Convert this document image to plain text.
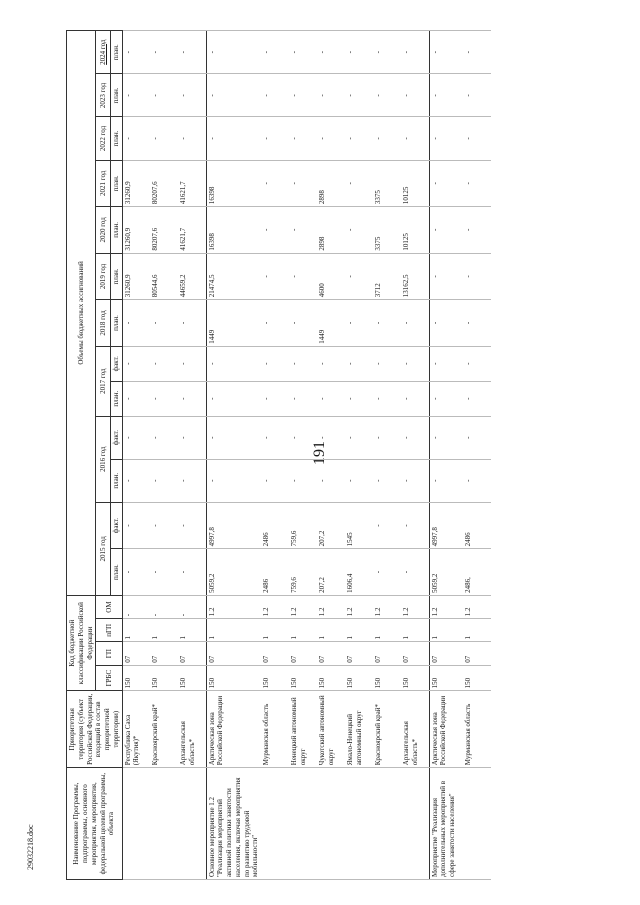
191
Наименование Программы, подпрограммы, основного мероприятия, мероприятия, федеральной целевой программы, объекта	Приоритетная территория (субъект Российской Федерации, входящий в состав приоритетной территории)	Код бюджетной классификации Российской Федерации				Объемы бюджетных ассигнований												
		ГРБС	ГП	пГП	ОМ	2015 год		2016 год		2017 год		2018 год	2019 год	2020 год	2021 год	2022 год	2023 год	2024 год
						план.	факт.	план.	факт.	план.	факт.	план.	план.	план.	план.	план.	план.	план.
	Республика Саха (Якутия)*	150	07	1	-	-	-	-	-	-	-	-	31260,9	31260,9	31260,9	-	-	-
	Красноярский край*	150	07	1	-	-	-	-	-	-	-	-	80544,6	80207,6	80207,6	-	-	-
	Архангельская область*	150	07	1	-	-	-	-	-	-	-	-	44659,2	41621,7	41621,7	-	-	-
Основное мероприятие 1.2 "Реализация мероприятий активной политики занятости населения, включая мероприятия по развитию трудовой мобильности"	Арктическая зона Российской Федерации	150	07	1	1.2	5059,2	4997,8	-	-	-	-	1449	21474,5	16398	16398	-	-	-
	Мурманская область	150	07	1	1.2	2486	2486	-	-	-	-	-	-	-	-	-	-	-
	Ненецкий автономный округ	150	07	1	1.2	759,6	759,6	-	-	-	-	-	-	-	-	-	-	-
	Чукотский автономный округ	150	07	1	1.2	207,2	207,2	-	-	-	-	1449	4600	2898	2898	-	-	-
	Ямало-Ненецкий автономный округ	150	07	1	1.2	1606,4	1545	-	-	-	-	-	-	-	-	-	-	-
	Красноярский край*	150	07	1	1.2	-	-	-	-	-	-	-	3712	3375	3375	-	-	-
	Архангельская область*	150	07	1	1.2	-	-	-	-	-	-	-	13162,5	10125	10125	-	-	-
Мероприятие "Реализация дополнительных мероприятий в сфере занятости населения"	Арктическая зона Российской Федерации	150	07	1	1.2	5059,2	4997,8	-	-	-	-	-	-	-	-	-	-	-
	Мурманская область	150	07	1	1.2	2486,	2486	-	-	-	-	-	-	-	-	-	-	-
29032218.doc
